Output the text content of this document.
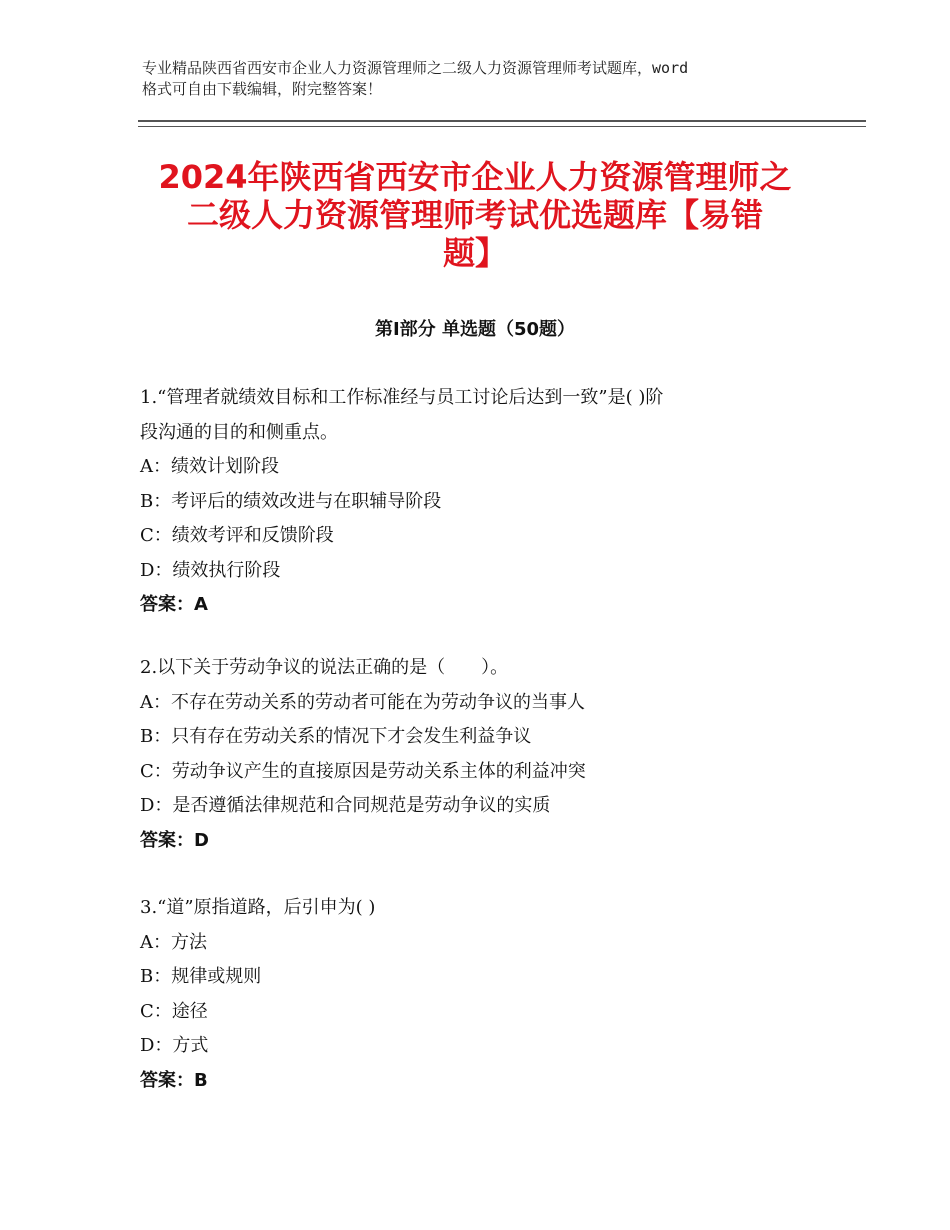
专业精品陕西省西安市企业人力资源管理师之二级人力资源管理师考试题库，word
格式可自由下载编辑，附完整答案！
2024年陕西省西安市企业人力资源管理师之
二级人力资源管理师考试优选题库【易错
题】
第Ⅰ部分 单选题（50题）
1.“管理者就绩效目标和工作标准经与员工讨论后达到一致”是( )阶
段沟通的目的和侧重点。
A：绩效计划阶段
B：考评后的绩效改进与在职辅导阶段
C：绩效考评和反馈阶段
D：绩效执行阶段
答案：A
2.以下关于劳动争议的说法正确的是（　　）。
A：不存在劳动关系的劳动者可能在为劳动争议的当事人
B：只有存在劳动关系的情况下才会发生利益争议
C：劳动争议产生的直接原因是劳动关系主体的利益冲突
D：是否遵循法律规范和合同规范是劳动争议的实质
答案：D
3.“道”原指道路，后引申为( )
A：方法
B：规律或规则
C：途径
D：方式
答案：B
